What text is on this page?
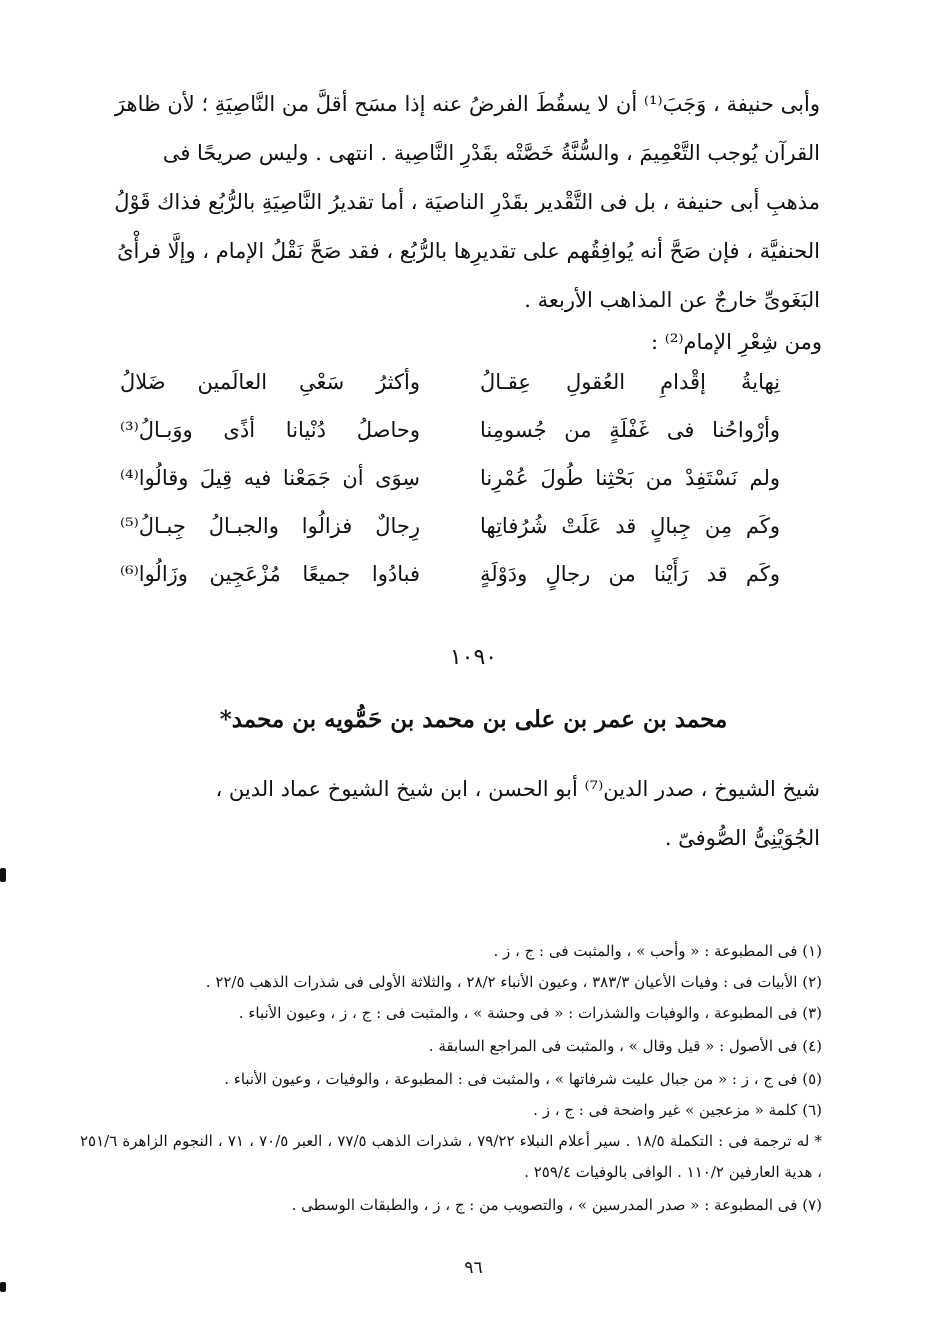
وأبى حنيفة ، وَجَبَ⁽¹⁾ أن لا يسقُطَ الفرضُ عنه إذا مسَح أقلَّ من النَّاصِيَةِ ؛ لأن ظاهرَ

القرآن يُوجب التَّعْمِيمَ ، والسُّنَّةُ خَصَّتْه بقَدْرِ النَّاصِية . انتهى . وليس صريحًا فى

مذهبِ أبى حنيفة ، بل فى التَّقْدير بقَدْرِ الناصيَة ، أما تقديرُ النَّاصِيَةِ بالرُّبُع فذاك قَوْلُ

الحنفيَّة ، فإن صَحَّ أنه يُوافِقُهم على تقديرِها بالرُّبُع ، فقد صَحَّ نَقْلُ الإمام ، وإلَّا فرأْىُ

البَغَوىِّ خارجٌ عن المذاهب الأربعة .

ومن شِعْرِ الإمام⁽²⁾ :
نِهايةُ إقْدامِ العُقولِ عِقـالُ
وأكثرُ سَعْىِ العالَمين ضَلالُ
وأرْواحُنا فى غَفْلَةٍ من جُسومِنا
وحاصلُ دُنْيانا أذًى ووَبـالُ⁽³⁾
ولم نَسْتَفِدْ من بَحْثِنا طُولَ عُمْرِنا
سِوَى أن جَمَعْنا فيه قِيلَ وقالُوا⁽⁴⁾
وكَم مِن جِبالٍ قد عَلَتْ شُرُفاتِها
رِجالٌ فزالُوا والجبـالُ جِبـالُ⁽⁵⁾
وكَم قد رَأَيْنا من رجالٍ ودَوْلَةٍ
فبادُوا جميعًا مُزْعَجِين وزَالُوا⁽⁶⁾
١٠٩٠
محمد بن عمر بن على بن محمد بن حَمُّويه بن محمد*

شيخ الشيوخ ، صدر الدين⁽⁷⁾ أبو الحسن ، ابن شيخ الشيوخ عماد الدين ،

الجُوَيْنِىُّ الصُّوفىّ .

(١) فى المطبوعة : « وأحب » ، والمثبت فى : ج ، ز .
(٢) الأبيات فى : وفيات الأعيان ٣٨٣/٣ ، وعيون الأنباء ٢٨/٢ ، والثلاثة الأولى فى شذرات الذهب ٢٢/٥ .
(٣) فى المطبوعة ، والوفيات والشذرات : « فى وحشة » ، والمثبت فى : ج ، ز ، وعيون الأنباء .
(٤) فى الأصول : « قيل وقال » ، والمثبت فى المراجع السابقة .
(٥) فى ج ، ز : « من جبال عليت شرفاتها » ، والمثبت فى : المطبوعة ، والوفيات ، وعيون الأنباء .
(٦) كلمة « مزعجين » غير واضحة فى : ج ، ز .
* له ترجمة فى : التكملة ١٨/٥ . سير أعلام النبلاء ٧٩/٢٢ ، شذرات الذهب ٧٧/٥ ، العبر ٧٠/٥ ، ٧١ ، النجوم الزاهرة ٢٥١/٦ ، هدية العارفين ١١٠/٢ . الوافى بالوفيات ٢٥٩/٤ .
(٧) فى المطبوعة : « صدر المدرسين » ، والتصويب من : ج ، ز ، والطبقات الوسطى .
٩٦
